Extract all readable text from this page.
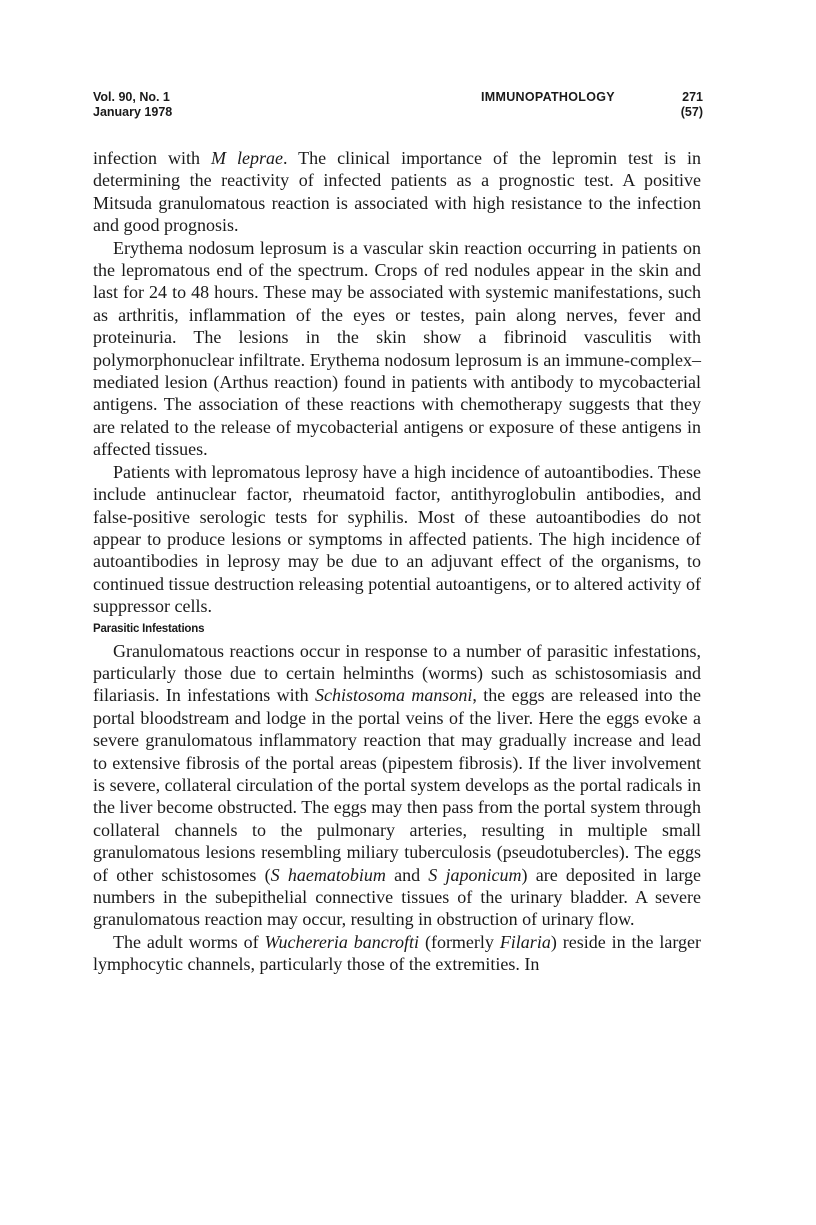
Vol. 90, No. 1
January 1978
IMMUNOPATHOLOGY	271
(57)

infection with M leprae. The clinical importance of the lepromin test is in determining the reactivity of infected patients as a prognostic test. A positive Mitsuda granulomatous reaction is associated with high resistance to the infection and good prognosis.

Erythema nodosum leprosum is a vascular skin reaction occurring in patients on the lepromatous end of the spectrum. Crops of red nodules appear in the skin and last for 24 to 48 hours. These may be associated with systemic manifestations, such as arthritis, inflammation of the eyes or testes, pain along nerves, fever and proteinuria. The lesions in the skin show a fibrinoid vasculitis with polymorphonuclear infiltrate. Erythema nodosum leprosum is an immune-complex–mediated lesion (Arthus reaction) found in patients with antibody to mycobacterial antigens. The association of these reactions with chemotherapy suggests that they are related to the release of mycobacterial antigens or exposure of these antigens in affected tissues.

Patients with lepromatous leprosy have a high incidence of autoantibodies. These include antinuclear factor, rheumatoid factor, antithyroglobulin antibodies, and false-positive serologic tests for syphilis. Most of these autoantibodies do not appear to produce lesions or symptoms in affected patients. The high incidence of autoantibodies in leprosy may be due to an adjuvant effect of the organisms, to continued tissue destruction releasing potential autoantigens, or to altered activity of suppressor cells.

Parasitic Infestations

Granulomatous reactions occur in response to a number of parasitic infestations, particularly those due to certain helminths (worms) such as schistosomiasis and filariasis. In infestations with Schistosoma mansoni, the eggs are released into the portal bloodstream and lodge in the portal veins of the liver. Here the eggs evoke a severe granulomatous inflammatory reaction that may gradually increase and lead to extensive fibrosis of the portal areas (pipestem fibrosis). If the liver involvement is severe, collateral circulation of the portal system develops as the portal radicals in the liver become obstructed. The eggs may then pass from the portal system through collateral channels to the pulmonary arteries, resulting in multiple small granulomatous lesions resembling miliary tuberculosis (pseudotubercles). The eggs of other schistosomes (S haematobium and S japonicum) are deposited in large numbers in the subepithelial connective tissues of the urinary bladder. A severe granulomatous reaction may occur, resulting in obstruction of urinary flow.

The adult worms of Wuchereria bancrofti (formerly Filaria) reside in the larger lymphocytic channels, particularly those of the extremities. In
